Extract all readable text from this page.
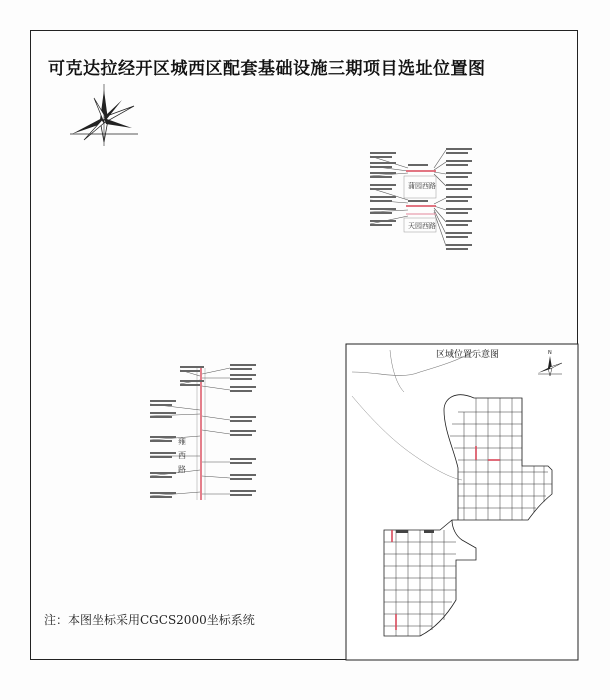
可克达拉经开区城西区配套基础设施三期项目选址位置图
蒲园西路
天园西路
雍
西
路
N
区域位置示意图
注：本图坐标采用CGCS2000坐标系统
